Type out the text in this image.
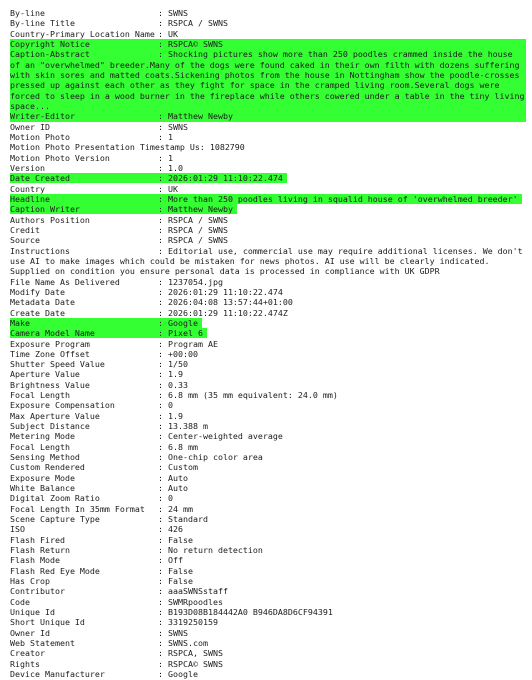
By-line	: SWNS
By-line Title	: RSPCA / SWNS
Country-Primary Location Name : UK
Copyright Notice	: RSPCA© SWNS
Caption-Abstract	: Shocking pictures show more than 250 poodles crammed inside the house of an "overwhelmed" breeder.Many of the dogs were found caked in their own filth with dozens suffering with skin sores and matted coats.Sickening photos from the house in Nottingham show the poodle-crosses pressed up against each other as they fight for space in the cramped living room.Several dogs were forced to sleep in a wood burner in the fireplace while others cowered under a table in the tiny living space...
Writer-Editor	: Matthew Newby
Owner ID	: SWNS
Motion Photo	: 1
Motion Photo Presentation Timestamp Us: 1082790
Motion Photo Version	: 1
Version	: 1.0
Date Created	: 2026:01:29 11:10:22.474
Country	: UK
Headline	: More than 250 poodles living in squalid house of 'overwhelmed breeder'
Caption Writer	: Matthew Newby
Authors Position	: RSPCA / SWNS
Credit	: RSPCA / SWNS
Source	: RSPCA / SWNS
Instructions	: Editorial use, commercial use may require additional licenses. We don't use AI to make images which could be mistaken for news photos. AI use will be clearly indicated. Supplied on condition you ensure personal data is processed in compliance with UK GDPR
File Name As Delivered	: 1237054.jpg
Modify Date	: 2026:01:29 11:10:22.474
Metadata Date	: 2026:04:08 13:57:44+01:00
Create Date	: 2026:01:29 11:10:22.474Z
Make	: Google
Camera Model Name	: Pixel 6
Exposure Program	: Program AE
Time Zone Offset	: +00:00
Shutter Speed Value	: 1/50
Aperture Value	: 1.9
Brightness Value	: 0.33
Focal Length	: 6.8 mm (35 mm equivalent: 24.0 mm)
Exposure Compensation	: 0
Max Aperture Value	: 1.9
Subject Distance	: 13.388 m
Metering Mode	: Center-weighted average
Focal Length	: 6.8 mm
Sensing Method	: One-chip color area
Custom Rendered	: Custom
Exposure Mode	: Auto
White Balance	: Auto
Digital Zoom Ratio	: 0
Focal Length In 35mm Format : 24 mm
Scene Capture Type	: Standard
ISO	: 426
Flash Fired	: False
Flash Return	: No return detection
Flash Mode	: Off
Flash Red Eye Mode	: False
Has Crop	: False
Contributor	: aaaSWNSstaff
Code	: SWMRpoodles
Unique Id	: B193D08B184442A0 B946DA8D6CF94391
Short Unique Id	: 3319250159
Owner Id	: SWNS
Web Statement	: SWNS.com
Creator	: RSPCA, SWNS
Rights	: RSPCA© SWNS
Device Manufacturer	: Google
